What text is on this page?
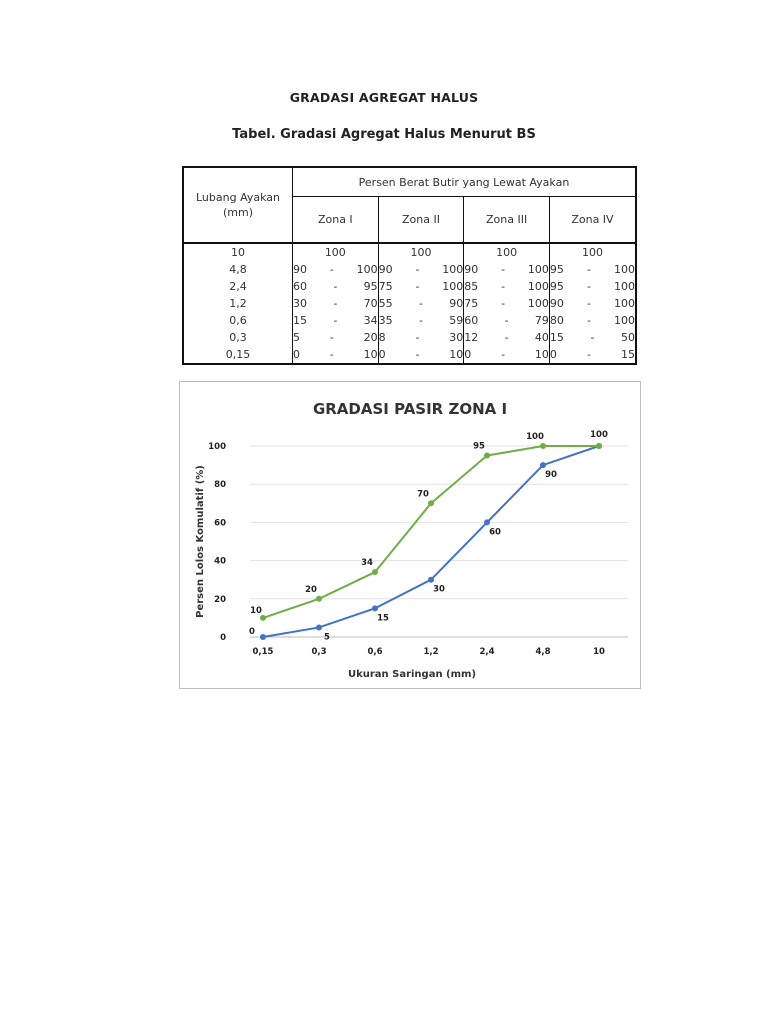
GRADASI AGREGAT HALUS
Tabel. Gradasi Agregat Halus Menurut BS
Lubang Ayakan (mm)	Persen Berat Butir yang Lewat Ayakan			
	Zona I	Zona II	Zona III	Zona IV
10	100	100	100	100

4,8	90 - 100	90 - 100	90 - 100	95 - 100

2,4	60 - 95	75 - 100	85 - 100	95 - 100

1,2	30 - 70	55 - 90	75 - 100	90 - 100

0,6	15 - 34	35 - 59	60 - 79	80 - 100

0,3	5 - 20	8 - 30	12 - 40	15 - 50

0,15	0 - 10	0 - 10	0 - 10	0 - 15
GRADASI PASIR ZONA I
0
20
40
60
80
100
0,15	0,3	0,6	1,2	2,4	4,8	10
Ukuran Saringan (mm)
Persen Lolos Komulatif (%)
0
5
15
30
60
90
100
10
20
34
70
95
100
